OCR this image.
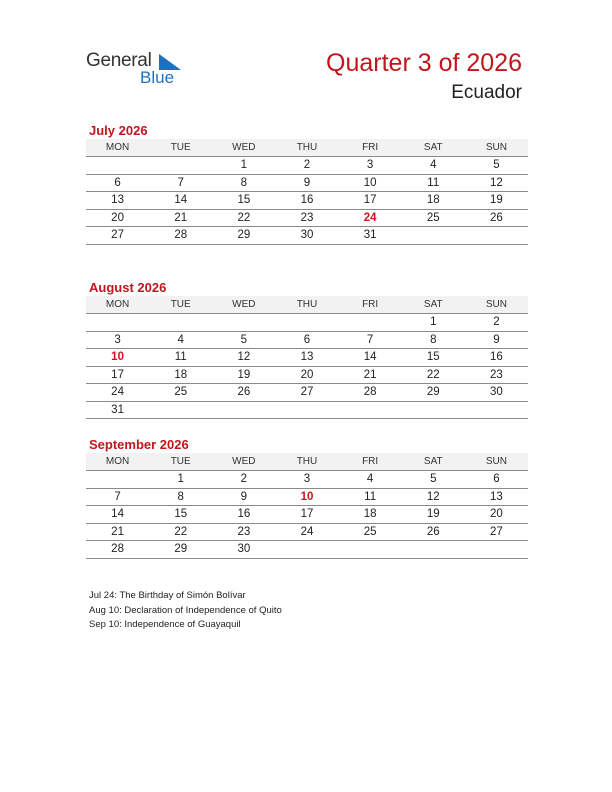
General
Blue
Quarter 3 of 2026
Ecuador
July 2026
MON	TUE	WED	THU	FRI	SAT	SUN
		1	2	3	4	5
6	7	8	9	10	11	12
13	14	15	16	17	18	19
20	21	22	23	24	25	26
27	28	29	30	31		
August 2026
MON	TUE	WED	THU	FRI	SAT	SUN
					1	2
3	4	5	6	7	8	9
10	11	12	13	14	15	16
17	18	19	20	21	22	23
24	25	26	27	28	29	30
31						
September 2026
MON	TUE	WED	THU	FRI	SAT	SUN
	1	2	3	4	5	6
7	8	9	10	11	12	13
14	15	16	17	18	19	20
21	22	23	24	25	26	27
28	29	30				
Jul 24: The Birthday of Simón Bolívar
Aug 10: Declaration of Independence of Quito
Sep 10: Independence of Guayaquil
